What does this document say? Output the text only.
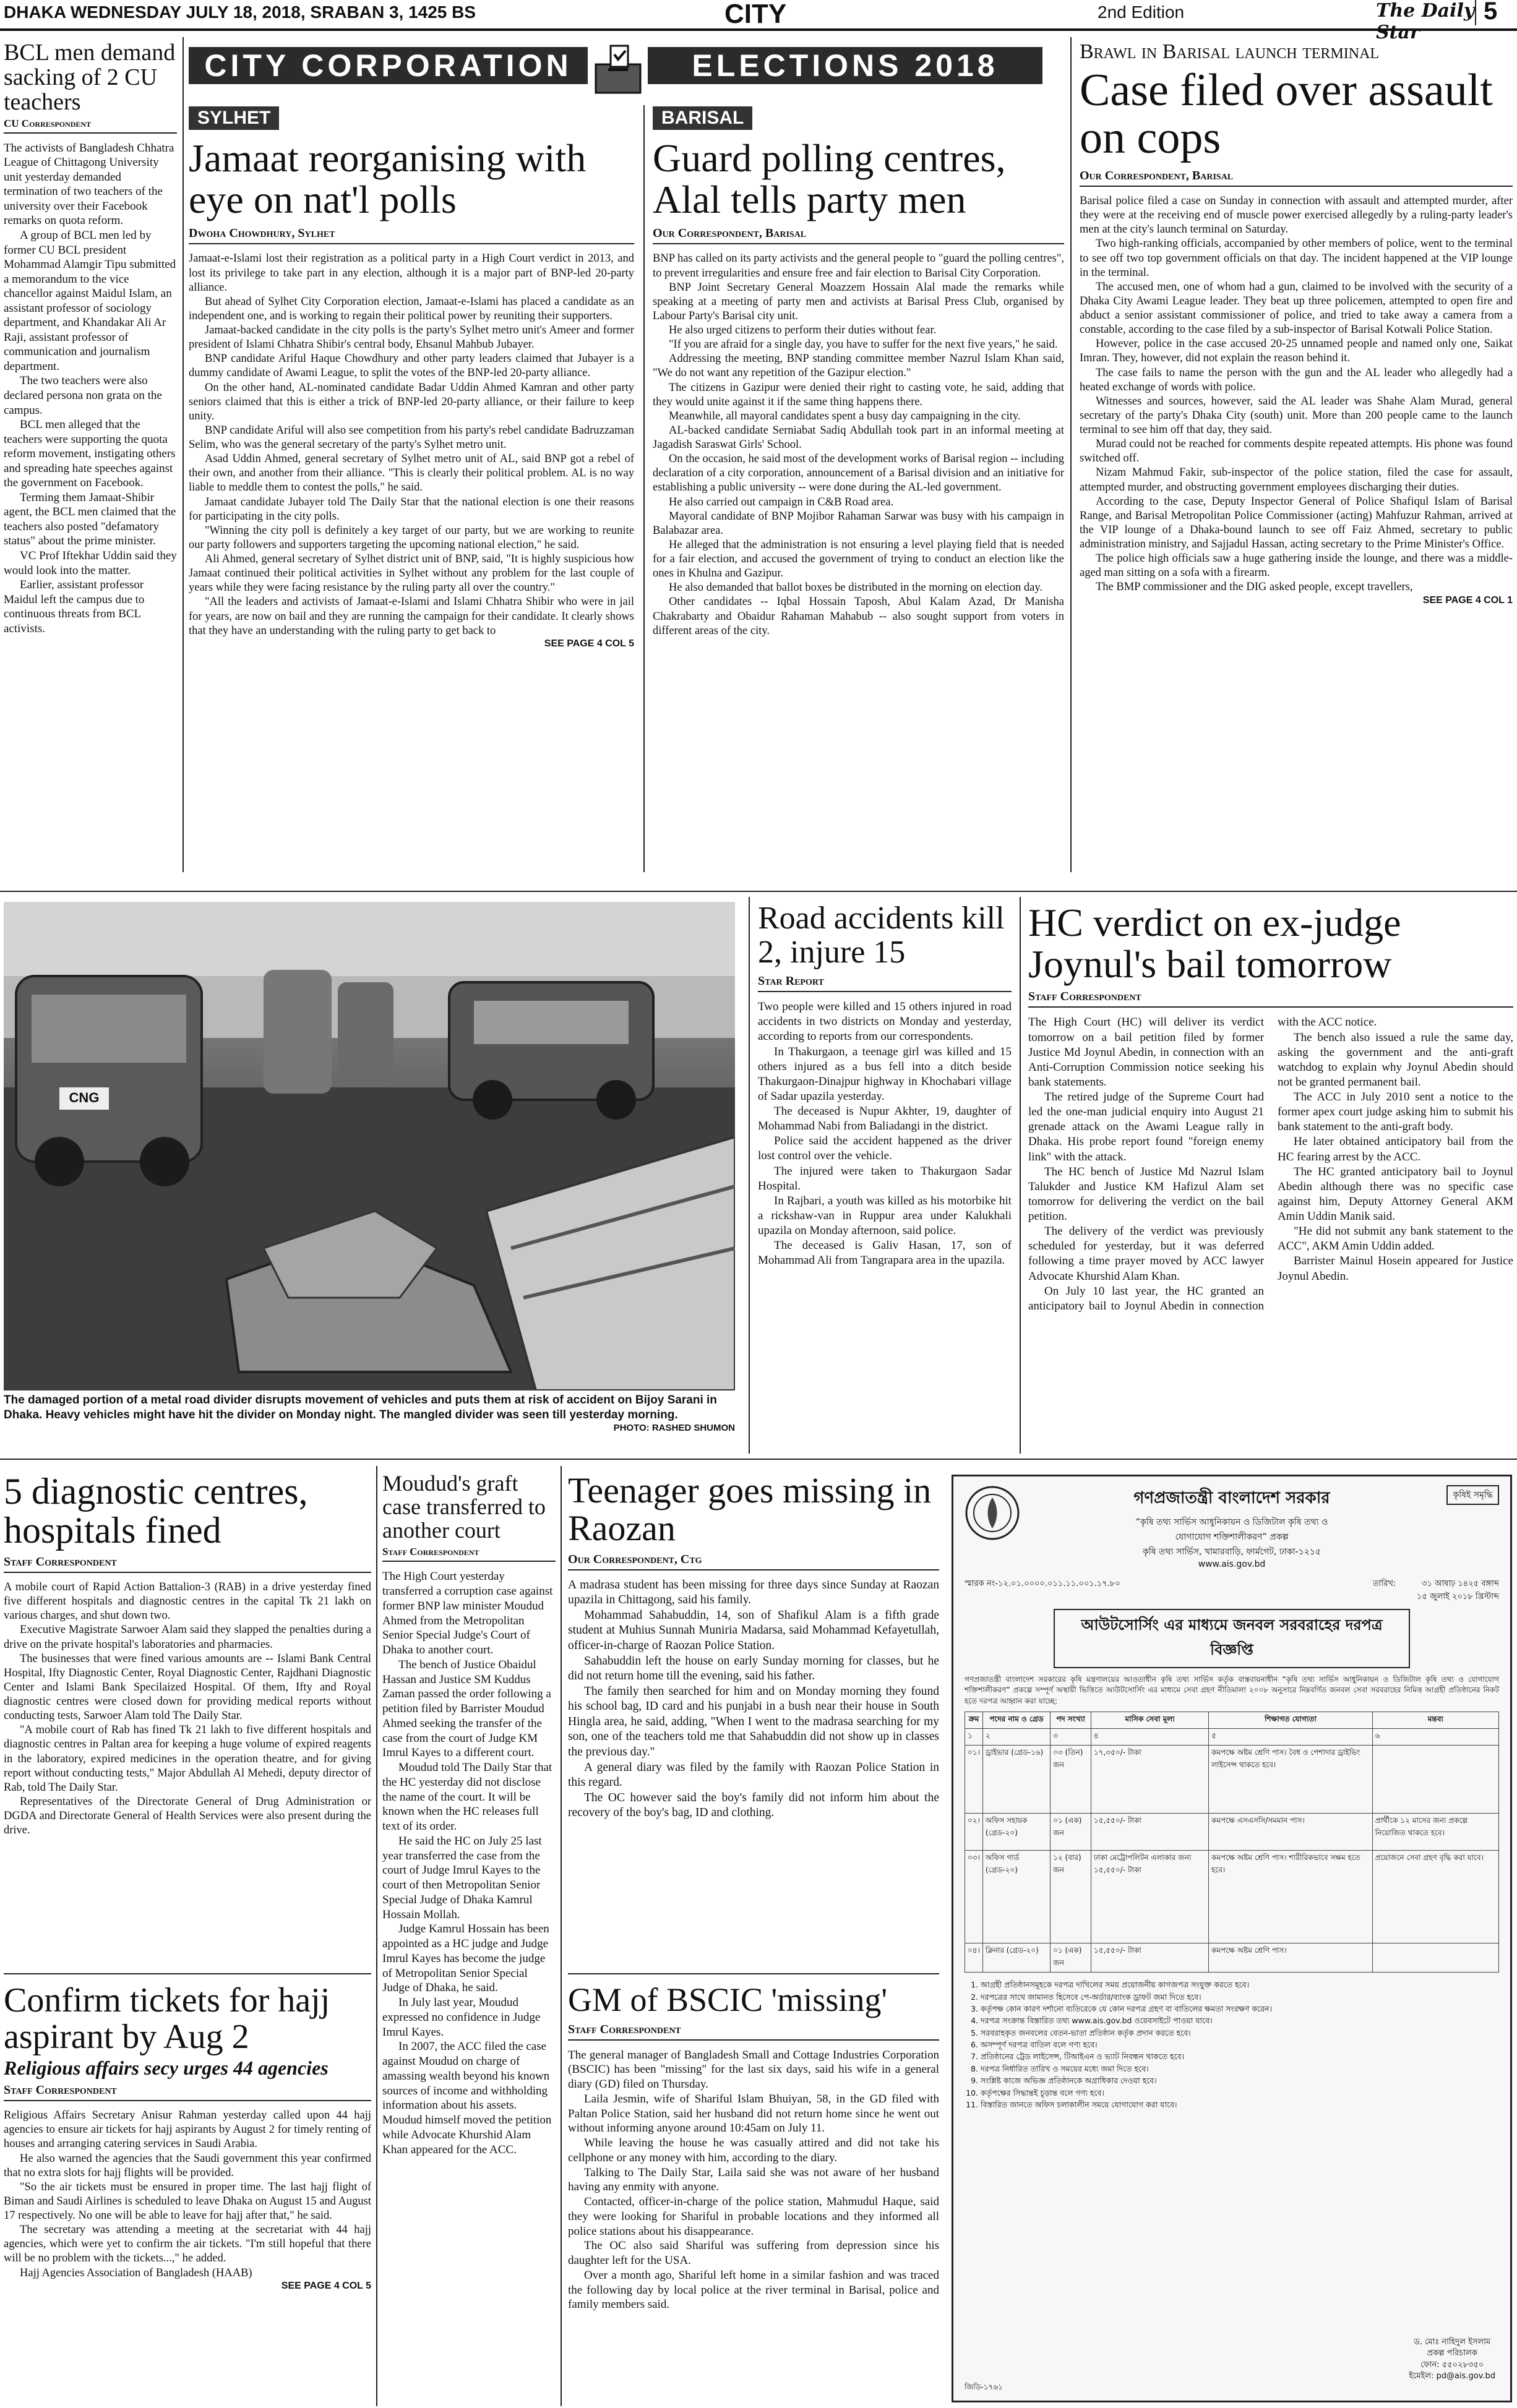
DHAKA WEDNESDAY JULY 18, 2018, SRABAN 3, 1425 BS	CITY	2nd Edition	The Daily Star
5
BCL men demand sacking of 2 CU teachers
CU Correspondent

The activists of Bangladesh Chhatra League of Chittagong University unit yesterday demanded termination of two teachers of the university over their Facebook remarks on quota reform.

A group of BCL men led by former CU BCL president Mohammad Alamgir Tipu submitted a memorandum to the vice chancellor against Maidul Islam, an assistant professor of sociology department, and Khandakar Ali Ar Raji, assistant professor of communication and journalism department.

The two teachers were also declared persona non grata on the campus.

BCL men alleged that the teachers were supporting the quota reform movement, instigating others and spreading hate speeches against the government on Facebook.

Terming them Jamaat-Shibir agent, the BCL men claimed that the teachers also posted "defamatory status" about the prime minister.

VC Prof Iftekhar Uddin said they would look into the matter.

Earlier, assistant professor Maidul left the campus due to continuous threats from BCL activists.

CITY CORPORATION	ELECTIONS 2018
SYLHET
Jamaat reorganising with eye on nat'l polls
Dwoha Chowdhury, Sylhet

Jamaat-e-Islami lost their registration as a political party in a High Court verdict in 2013, and lost its privilege to take part in any election, although it is a major part of BNP-led 20-party alliance.

But ahead of Sylhet City Corporation election, Jamaat-e-Islami has placed a candidate as an independent one, and is working to regain their political power by reuniting their supporters.

Jamaat-backed candidate in the city polls is the party's Sylhet metro unit's Ameer and former president of Islami Chhatra Shibir's central body, Ehsanul Mahbub Jubayer.

BNP candidate Ariful Haque Chowdhury and other party leaders claimed that Jubayer is a dummy candidate of Awami League, to split the votes of the BNP-led 20-party alliance.

On the other hand, AL-nominated candidate Badar Uddin Ahmed Kamran and other party seniors claimed that this is either a trick of BNP-led 20-party alliance, or their failure to keep unity.

BNP candidate Ariful will also see competition from his party's rebel candidate Badruzzaman Selim, who was the general secretary of the party's Sylhet metro unit.

Asad Uddin Ahmed, general secretary of Sylhet metro unit of AL, said BNP got a rebel of their own, and another from their alliance. "This is clearly their political problem. AL is no way liable to meddle them to contest the polls," he said.

Jamaat candidate Jubayer told The Daily Star that the national election is one their reasons for participating in the city polls.

"Winning the city poll is definitely a key target of our party, but we are working to reunite our party followers and supporters targeting the upcoming national election," he said.

Ali Ahmed, general secretary of Sylhet district unit of BNP, said, "It is highly suspicious how Jamaat continued their political activities in Sylhet without any problem for the last couple of years while they were facing resistance by the ruling party all over the country."

"All the leaders and activists of Jamaat-e-Islami and Islami Chhatra Shibir who were in jail for years, are now on bail and they are running the campaign for their candidate. It clearly shows that they have an understanding with the ruling party to get back to

SEE PAGE 4 COL 5
BARISAL
Guard polling centres, Alal tells party men
Our Correspondent, Barisal

BNP has called on its party activists and the general people to "guard the polling centres", to prevent irregularities and ensure free and fair election to Barisal City Corporation.

BNP Joint Secretary General Moazzem Hossain Alal made the remarks while speaking at a meeting of party men and activists at Barisal Press Club, organised by Labour Party's Barisal city unit.

He also urged citizens to perform their duties without fear.

"If you are afraid for a single day, you have to suffer for the next five years," he said.

Addressing the meeting, BNP standing committee member Nazrul Islam Khan said, "We do not want any repetition of the Gazipur election."

The citizens in Gazipur were denied their right to casting vote, he said, adding that they would unite against it if the same thing happens there.

Meanwhile, all mayoral candidates spent a busy day campaigning in the city.

AL-backed candidate Serniabat Sadiq Abdullah took part in an informal meeting at Jagadish Saraswat Girls' School.

On the occasion, he said most of the development works of Barisal region -- including declaration of a city corporation, announcement of a Barisal division and an initiative for establishing a public university -- were done during the AL-led government.

He also carried out campaign in C&B Road area.

Mayoral candidate of BNP Mojibor Rahaman Sarwar was busy with his campaign in Balabazar area.

He alleged that the administration is not ensuring a level playing field that is needed for a fair election, and accused the government of trying to conduct an election like the ones in Khulna and Gazipur.

He also demanded that ballot boxes be distributed in the morning on election day.

Other candidates -- Iqbal Hossain Taposh, Abul Kalam Azad, Dr Manisha Chakrabarty and Obaidur Rahaman Mahabub -- also sought support from voters in different areas of the city.

Brawl in Barisal launch terminal
Case filed over assault on cops
Our Correspondent, Barisal

Barisal police filed a case on Sunday in connection with assault and attempted murder, after they were at the receiving end of muscle power exercised allegedly by a ruling-party leader's men at the city's launch terminal on Saturday.

Two high-ranking officials, accompanied by other members of police, went to the terminal to see off two top government officials on that day. The incident happened at the VIP lounge in the terminal.

The accused men, one of whom had a gun, claimed to be involved with the security of a Dhaka City Awami League leader. They beat up three policemen, attempted to open fire and abduct a senior assistant commissioner of police, and tried to take away a camera from a constable, according to the case filed by a sub-inspector of Barisal Kotwali Police Station.

However, police in the case accused 20-25 unnamed people and named only one, Saikat Imran. They, however, did not explain the reason behind it.

The case fails to name the person with the gun and the AL leader who allegedly had a heated exchange of words with police.

Witnesses and sources, however, said the AL leader was Shahe Alam Murad, general secretary of the party's Dhaka City (south) unit. More than 200 people came to the launch terminal to see him off that day, they said.

Murad could not be reached for comments despite repeated attempts. His phone was found switched off.

Nizam Mahmud Fakir, sub-inspector of the police station, filed the case for assault, attempted murder, and obstructing government employees discharging their duties.

According to the case, Deputy Inspector General of Police Shafiqul Islam of Barisal Range, and Barisal Metropolitan Police Commissioner (acting) Mahfuzur Rahman, arrived at the VIP lounge of a Dhaka-bound launch to see off Faiz Ahmed, secretary to public administration ministry, and Sajjadul Hassan, acting secretary to the Prime Minister's Office.

The police high officials saw a huge gathering inside the lounge, and there was a middle-aged man sitting on a sofa with a firearm.

The BMP commissioner and the DIG asked people, except travellers,

SEE PAGE 4 COL 1
CNG
The damaged portion of a metal road divider disrupts movement of vehicles and puts them at risk of accident on Bijoy Sarani in Dhaka. Heavy vehicles might have hit the divider on Monday night. The mangled divider was seen till yesterday morning.
PHOTO: RASHED SHUMON
Road accidents kill 2, injure 15
Star Report

Two people were killed and 15 others injured in road accidents in two districts on Monday and yesterday, according to reports from our correspondents.

In Thakurgaon, a teenage girl was killed and 15 others injured as a bus fell into a ditch beside Thakurgaon-Dinajpur highway in Khochabari village of Sadar upazila yesterday.

The deceased is Nupur Akhter, 19, daughter of Mohammad Nabi from Baliadangi in the district.

Police said the accident happened as the driver lost control over the vehicle.

The injured were taken to Thakurgaon Sadar Hospital.

In Rajbari, a youth was killed as his motorbike hit a rickshaw-van in Ruppur area under Kalukhali upazila on Monday afternoon, said police.

The deceased is Galiv Hasan, 17, son of Mohammad Ali from Tangrapara area in the upazila.

HC verdict on ex-judge Joynul's bail tomorrow
Staff Correspondent

The High Court (HC) will deliver its verdict tomorrow on a bail petition filed by former Justice Md Joynul Abedin, in connection with an Anti-Corruption Commission notice seeking his bank statements.

The retired judge of the Supreme Court had led the one-man judicial enquiry into August 21 grenade attack on the Awami League rally in Dhaka. His probe report found "foreign enemy link" with the attack.

The HC bench of Justice Md Nazrul Islam Talukder and Justice KM Hafizul Alam set tomorrow for delivering the verdict on the bail petition.

The delivery of the verdict was previously scheduled for yesterday, but it was deferred following a time prayer moved by ACC lawyer Advocate Khurshid Alam Khan.

On July 10 last year, the HC granted an anticipatory bail to Joynul Abedin in connection with the ACC notice.

The bench also issued a rule the same day, asking the government and the anti-graft watchdog to explain why Joynul Abedin should not be granted permanent bail.

The ACC in July 2010 sent a notice to the former apex court judge asking him to submit his bank statement to the anti-graft body.

He later obtained anticipatory bail from the HC fearing arrest by the ACC.

The HC granted anticipatory bail to Joynul Abedin although there was no specific case against him, Deputy Attorney General AKM Amin Uddin Manik said.

"He did not submit any bank statement to the ACC", AKM Amin Uddin added.

Barrister Mainul Hosein appeared for Justice Joynul Abedin.

5 diagnostic centres, hospitals fined
Staff Correspondent

A mobile court of Rapid Action Battalion-3 (RAB) in a drive yesterday fined five different hospitals and diagnostic centres in the capital Tk 21 lakh on various charges, and shut down two.

Executive Magistrate Sarwoer Alam said they slapped the penalties during a drive on the private hospital's laboratories and pharmacies.

The businesses that were fined various amounts are -- Islami Bank Central Hospital, Ifty Diagnostic Center, Royal Diagnostic Center, Rajdhani Diagnostic Center and Islami Bank Specilaized Hospital. Of them, Ifty and Royal diagnostic centres were closed down for providing medical reports without conducting tests, Sarwoer Alam told The Daily Star.

"A mobile court of Rab has fined Tk 21 lakh to five different hospitals and diagnostic centres in Paltan area for keeping a huge volume of expired reagents in the laboratory, expired medicines in the operation theatre, and for giving report without conducting tests," Major Abdullah Al Mehedi, deputy director of Rab, told The Daily Star.

Representatives of the Directorate General of Drug Administration or DGDA and Directorate General of Health Services were also present during the drive.

Confirm tickets for hajj aspirant by Aug 2
Religious affairs secy urges 44 agencies
Staff Correspondent

Religious Affairs Secretary Anisur Rahman yesterday called upon 44 hajj agencies to ensure air tickets for hajj aspirants by August 2 for timely renting of houses and arranging catering services in Saudi Arabia.

He also warned the agencies that the Saudi government this year confirmed that no extra slots for hajj flights will be provided.

"So the air tickets must be ensured in proper time. The last hajj flight of Biman and Saudi Airlines is scheduled to leave Dhaka on August 15 and August 17 respectively. No one will be able to leave for hajj after that," he said.

The secretary was attending a meeting at the secretariat with 44 hajj agencies, which were yet to confirm the air tickets. "I'm still hopeful that there will be no problem with the tickets...," he added.

Hajj Agencies Association of Bangladesh (HAAB)

SEE PAGE 4 COL 5
Moudud's graft case transferred to another court
Staff Correspondent

The High Court yesterday transferred a corruption case against former BNP law minister Moudud Ahmed from the Metropolitan Senior Special Judge's Court of Dhaka to another court.

The bench of Justice Obaidul Hassan and Justice SM Kuddus Zaman passed the order following a petition filed by Barrister Moudud Ahmed seeking the transfer of the case from the court of Judge KM Imrul Kayes to a different court.

Moudud told The Daily Star that the HC yesterday did not disclose the name of the court. It will be known when the HC releases full text of its order.

He said the HC on July 25 last year transferred the case from the court of Judge Imrul Kayes to the court of then Metropolitan Senior Special Judge of Dhaka Kamrul Hossain Mollah.

Judge Kamrul Hossain has been appointed as a HC judge and Judge Imrul Kayes has become the judge of Metropolitan Senior Special Judge of Dhaka, he said.

In July last year, Moudud expressed no confidence in Judge Imrul Kayes.

In 2007, the ACC filed the case against Moudud on charge of amassing wealth beyond his known sources of income and withholding information about his assets. Moudud himself moved the petition while Advocate Khurshid Alam Khan appeared for the ACC.

Teenager goes missing in Raozan
Our Correspondent, Ctg

A madrasa student has been missing for three days since Sunday at Raozan upazila in Chittagong, said his family.

Mohammad Sahabuddin, 14, son of Shafikul Alam is a fifth grade student at Muhius Sunnah Muniria Madarsa, said Mohammad Kefayetullah, officer-in-charge of Raozan Police Station.

Sahabuddin left the house on early Sunday morning for classes, but he did not return home till the evening, said his father.

The family then searched for him and on Monday morning they found his school bag, ID card and his punjabi in a bush near their house in South Hingla area, he said, adding, "When I went to the madrasa searching for my son, one of the teachers told me that Sahabuddin did not show up in classes the previous day."

A general diary was filed by the family with Raozan Police Station in this regard.

The OC however said the boy's family did not inform him about the recovery of the boy's bag, ID and clothing.

GM of BSCIC 'missing'
Staff Correspondent

The general manager of Bangladesh Small and Cottage Industries Corporation (BSCIC) has been "missing" for the last six days, said his wife in a general diary (GD) filed on Thursday.

Laila Jesmin, wife of Shariful Islam Bhuiyan, 58, in the GD filed with Paltan Police Station, said her husband did not return home since he went out without informing anyone around 10:45am on July 11.

While leaving the house he was casually attired and did not take his cellphone or any money with him, according to the diary.

Talking to The Daily Star, Laila said she was not aware of her husband having any enmity with anyone.

Contacted, officer-in-charge of the police station, Mahmudul Haque, said they were looking for Shariful in probable locations and they informed all police stations about his disappearance.

The OC also said Shariful was suffering from depression since his daughter left for the USA.

Over a month ago, Shariful left home in a similar fashion and was traced the following day by local police at the river terminal in Barisal, police and family members said.

গণপ্রজাতন্ত্রী বাংলাদেশ সরকার
“কৃষি তথ্য সার্ভিস আধুনিকায়ন ও ডিজিটাল কৃষি তথ্য ও
যোগাযোগ শক্তিশালীকরণ” প্রকল্প
কৃষি তথ্য সার্ভিস, খামারবাড়ি, ফার্মগেট, ঢাকা-১২১৫
www.ais.gov.bd
কৃষিই সমৃদ্ধি
স্মারক নং-১২.০১.০০০০.০১১.১১.০০১.১৭.৮০	তারিখ:	৩১ আষাঢ় ১৪২৫ বঙ্গাব্দ
১৫ জুলাই ২০১৮ খ্রিস্টাব্দ
আউটসোর্সিং এর মাধ্যমে জনবল সরবরাহের দরপত্র বিজ্ঞপ্তি
গণপ্রজাতন্ত্রী বাংলাদেশ সরকারের কৃষি মন্ত্রণালয়ের আওতাধীন কৃষি তথ্য সার্ভিস কর্তৃক বাস্তবায়নাধীন “কৃষি তথ্য সার্ভিস আধুনিকায়ন ও ডিজিটাল কৃষি তথ্য ও যোগাযোগ শক্তিশালীকরণ” প্রকল্পে সম্পূর্ণ অস্থায়ী ভিত্তিতে আউটসোর্সিং এর মাধ্যমে সেবা গ্রহণ নীতিমালা ২০০৮ অনুসারে নিম্নবর্ণিত জনবল সেবা সরবরাহের নিমিত্ত আগ্রহী প্রতিষ্ঠানের নিকট হতে দরপত্র আহ্বান করা যাচ্ছে:
ক্রম	পদের নাম ও গ্রেড	পদ সংখ্যা	মাসিক সেবা মূল্য	শিক্ষাগত যোগ্যতা	মন্তব্য
১	২	৩	৪	৫	৬
০১।	ড্রাইভার (গ্রেড-১৬)	০৩ (তিন) জন	১৭,৩৫০/- টাকা	কমপক্ষে অষ্টম শ্রেণি পাস। বৈধ ও পেশাদার ড্রাইভিং লাইসেন্স থাকতে হবে।	
০২।	অফিস সহায়ক (গ্রেড-২০)	০১ (এক) জন	১৫,৫৫০/- টাকা	কমপক্ষে এসএসসি/সমমান পাস।	প্রার্থীকে ১২ মাসের জন্য প্রকল্পে নিয়োজিত থাকতে হবে।
০৩।	অফিস গার্ড (গ্রেড-২০)	১২ (বার) জন	ঢাকা মেট্রোপলিটন এলাকার জন্য ১৫,৫৫০/- টাকা	কমপক্ষে অষ্টম শ্রেণি পাস। শারীরিকভাবে সক্ষম হতে হবে।	প্রয়োজনে সেবা গ্রহণ বৃদ্ধি করা যাবে।
০৪।	ক্লিনার (গ্রেড-২০)	০১ (এক) জন	১৫,৫৫০/- টাকা	কমপক্ষে অষ্টম শ্রেণি পাস।	
1. আগ্রহী প্রতিষ্ঠানসমূহকে দরপত্র দাখিলের সময় প্রয়োজনীয় কাগজপত্র সংযুক্ত করতে হবে।
2. দরপত্রের সাথে জামানত হিসেবে পে-অর্ডার/ব্যাংক ড্রাফট জমা দিতে হবে।
3. কর্তৃপক্ষ কোন কারণ দর্শানো ব্যতিরেকে যে কোন দরপত্র গ্রহণ বা বাতিলের ক্ষমতা সংরক্ষণ করেন।
4. দরপত্র সংক্রান্ত বিস্তারিত তথ্য www.ais.gov.bd ওয়েবসাইটে পাওয়া যাবে।
5. সরবরাহকৃত জনবলের বেতন-ভাতা প্রতিষ্ঠান কর্তৃক প্রদান করতে হবে।
6. অসম্পূর্ণ দরপত্র বাতিল বলে গণ্য হবে।
7. প্রতিষ্ঠানের ট্রেড লাইসেন্স, টিআইএন ও ভ্যাট নিবন্ধন থাকতে হবে।
8. দরপত্র নির্ধারিত তারিখ ও সময়ের মধ্যে জমা দিতে হবে।
9. সংশ্লিষ্ট কাজে অভিজ্ঞ প্রতিষ্ঠানকে অগ্রাধিকার দেওয়া হবে।
10. কর্তৃপক্ষের সিদ্ধান্তই চূড়ান্ত বলে গণ্য হবে।
11. বিস্তারিত জানতে অফিস চলাকালীন সময়ে যোগাযোগ করা যাবে।
ড. মোঃ নাহিদুল ইসলাম
প্রকল্প পরিচালক
ফোন: ৫৫০২৮৩৫০
ইমেইল: pd@ais.gov.bd
জিডি-১৭৬১
